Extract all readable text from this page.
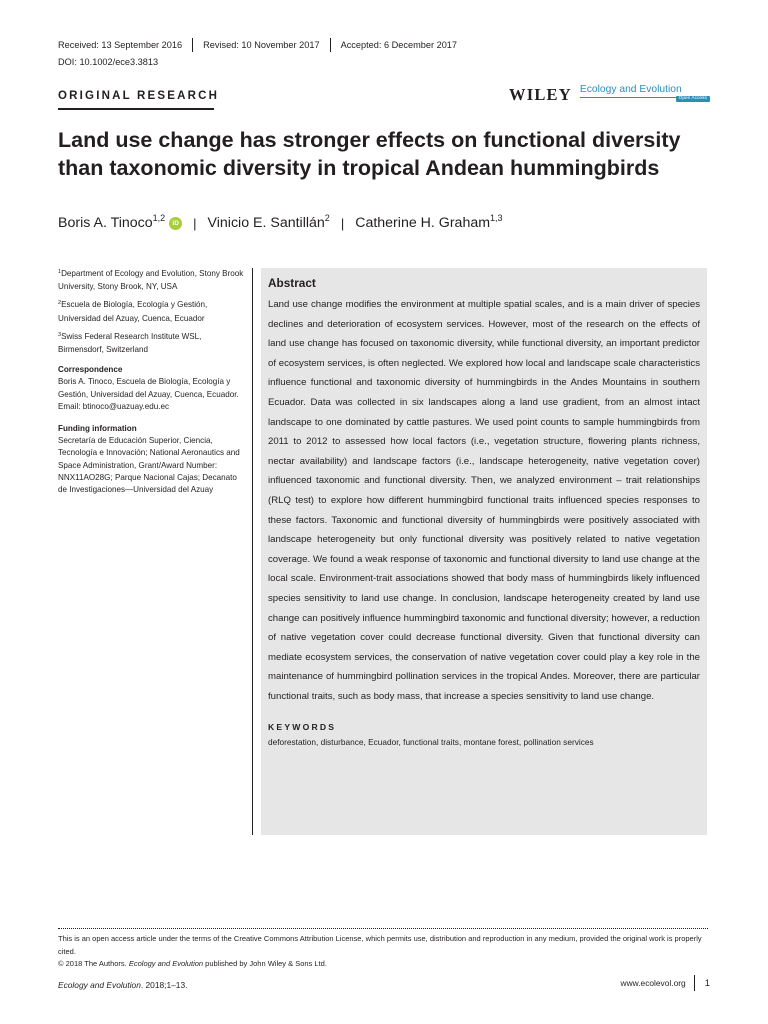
Received: 13 September 2016 Revised: 10 November 2017 Accepted: 6 December 2017
DOI: 10.1002/ece3.3813
ORIGINAL RESEARCH	WILEY Ecology and Evolution
Open Access
Land use change has stronger effects on functional diversity than taxonomic diversity in tropical Andean hummingbirds
Boris A. Tinoco$^{1,2}$	iD | Vinicio E. Santillán$^2$ | Catherine H. Graham$^{1,3}$
$^1$Department of Ecology and Evolution, Stony Brook University, Stony Brook, NY, USA
$^2$Escuela de Biología, Ecología y Gestión, Universidad del Azuay, Cuenca, Ecuador
$^3$Swiss Federal Research Institute WSL, Birmensdorf, Switzerland
Correspondence
Boris A. Tinoco, Escuela de Biología, Ecología y Gestión, Universidad del Azuay, Cuenca, Ecuador.
Email: btinoco@uazuay.edu.ec
Funding information
Secretaría de Educación Superior, Ciencia, Tecnología e Innovación; National Aeronautics and Space Administration, Grant/Award Number: NNX11AO28G; Parque Nacional Cajas; Decanato de Investigaciones—Universidad del Azuay
Abstract

Land use change modifies the environment at multiple spatial scales, and is a main driver of species declines and deterioration of ecosystem services. However, most of the research on the effects of land use change has focused on taxonomic diversity, while functional diversity, an important predictor of ecosystem services, is often neglected. We explored how local and landscape scale characteristics influence functional and taxonomic diversity of hummingbirds in the Andes Mountains in southern Ecuador. Data was collected in six landscapes along a land use gradient, from an almost intact landscape to one dominated by cattle pastures. We used point counts to sample hummingbirds from 2011 to 2012 to assessed how local factors (i.e., vegetation structure, flowering plants richness, nectar availability) and landscape factors (i.e., landscape heterogeneity, native vegetation cover) influenced taxonomic and functional diversity. Then, we analyzed environment – trait relationships (RLQ test) to explore how different hummingbird functional traits influenced species responses to these factors. Taxonomic and functional diversity of hummingbirds were positively associated with landscape heterogeneity but only functional diversity was positively related to native vegetation coverage. We found a weak response of taxonomic and functional diversity to land use change at the local scale. Environment-trait associations showed that body mass of hummingbirds likely influenced species sensitivity to land use change. In conclusion, landscape heterogeneity created by land use change can positively influence hummingbird taxonomic and functional diversity; however, a reduction of native vegetation cover could decrease functional diversity. Given that functional diversity can mediate ecosystem services, the conservation of native vegetation cover could play a key role in the maintenance of hummingbird pollination services in the tropical Andes. Moreover, there are particular functional traits, such as body mass, that increase a species sensitivity to land use change.

KEYWORDS
deforestation, disturbance, Ecuador, functional traits, montane forest, pollination services
This is an open access article under the terms of the Creative Commons Attribution License, which permits use, distribution and reproduction in any medium, provided the original work is properly cited.
© 2018 The Authors. Ecology and Evolution published by John Wiley & Sons Ltd.
Ecology and Evolution. 2018;1–13.	www.ecolevol.org 1
